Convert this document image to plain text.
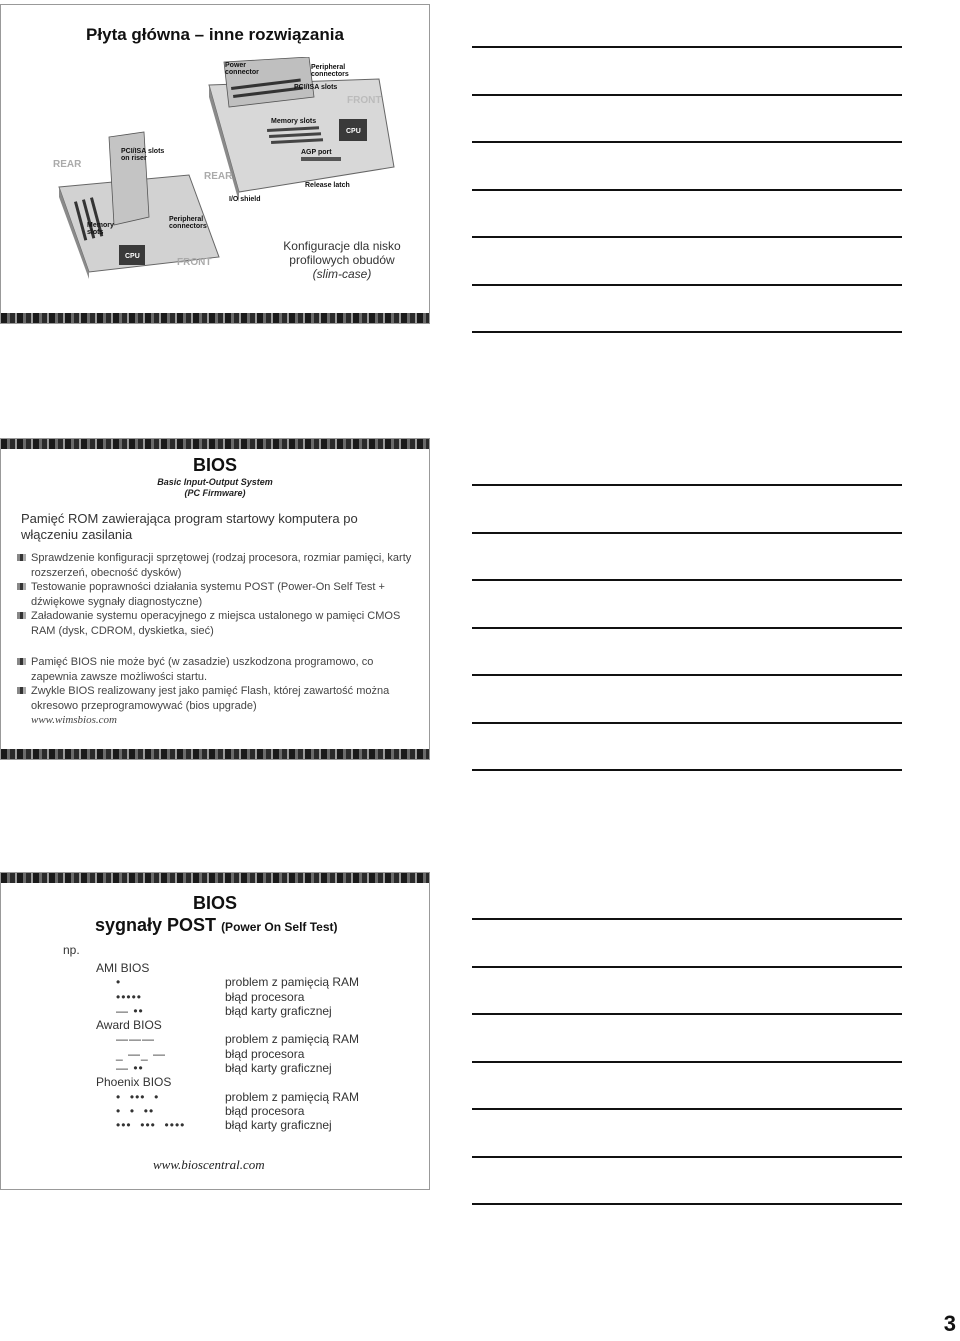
Płyta główna – inne rozwiązania
Power connector
Peripheral connectors
PCI/ISA slots
FRONT
Memory slots
CPU
AGP port
PCI/ISA slots on riser
REAR
REAR
I/O shield
Release latch
Memory slots
Peripheral connectors
CPU
FRONT
Konfiguracje dla nisko
profilowych obudów
(slim-case)
BIOS
Basic Input-Output System
(PC Firmware)
Pamięć ROM zawierająca program startowy komputera po włączeniu zasilania
Sprawdzenie konfiguracji sprzętowej (rodzaj procesora, rozmiar pamięci, karty rozszerzeń, obecność dysków)
Testowanie poprawności działania systemu POST (Power-On Self Test + dźwiękowe sygnały diagnostyczne)
Załadowanie systemu operacyjnego z miejsca ustalonego w pamięci CMOS RAM (dysk, CDROM, dyskietka, sieć)
Pamięć BIOS nie może być (w zasadzie) uszkodzona programowo, co zapewnia zawsze możliwości startu.
Zwykle BIOS realizowany jest jako pamięć Flash, której zawartość można okresowo przeprogramowywać (bios upgrade)
www.wimsbios.com
BIOS
sygnały POST (Power On Self Test)
np.
AMI BIOS
•	problem z pamięcią RAM
•••••	błąd procesora
— ••	błąd karty graficznej
Award BIOS
———	problem z pamięcią RAM
_ —_ —	błąd procesora
— ••	błąd karty graficznej
Phoenix BIOS
•  •••  •	problem z pamięcią RAM
•  •  ••	błąd procesora
•••  •••  ••••	błąd karty graficznej
www.bioscentral.com
3
